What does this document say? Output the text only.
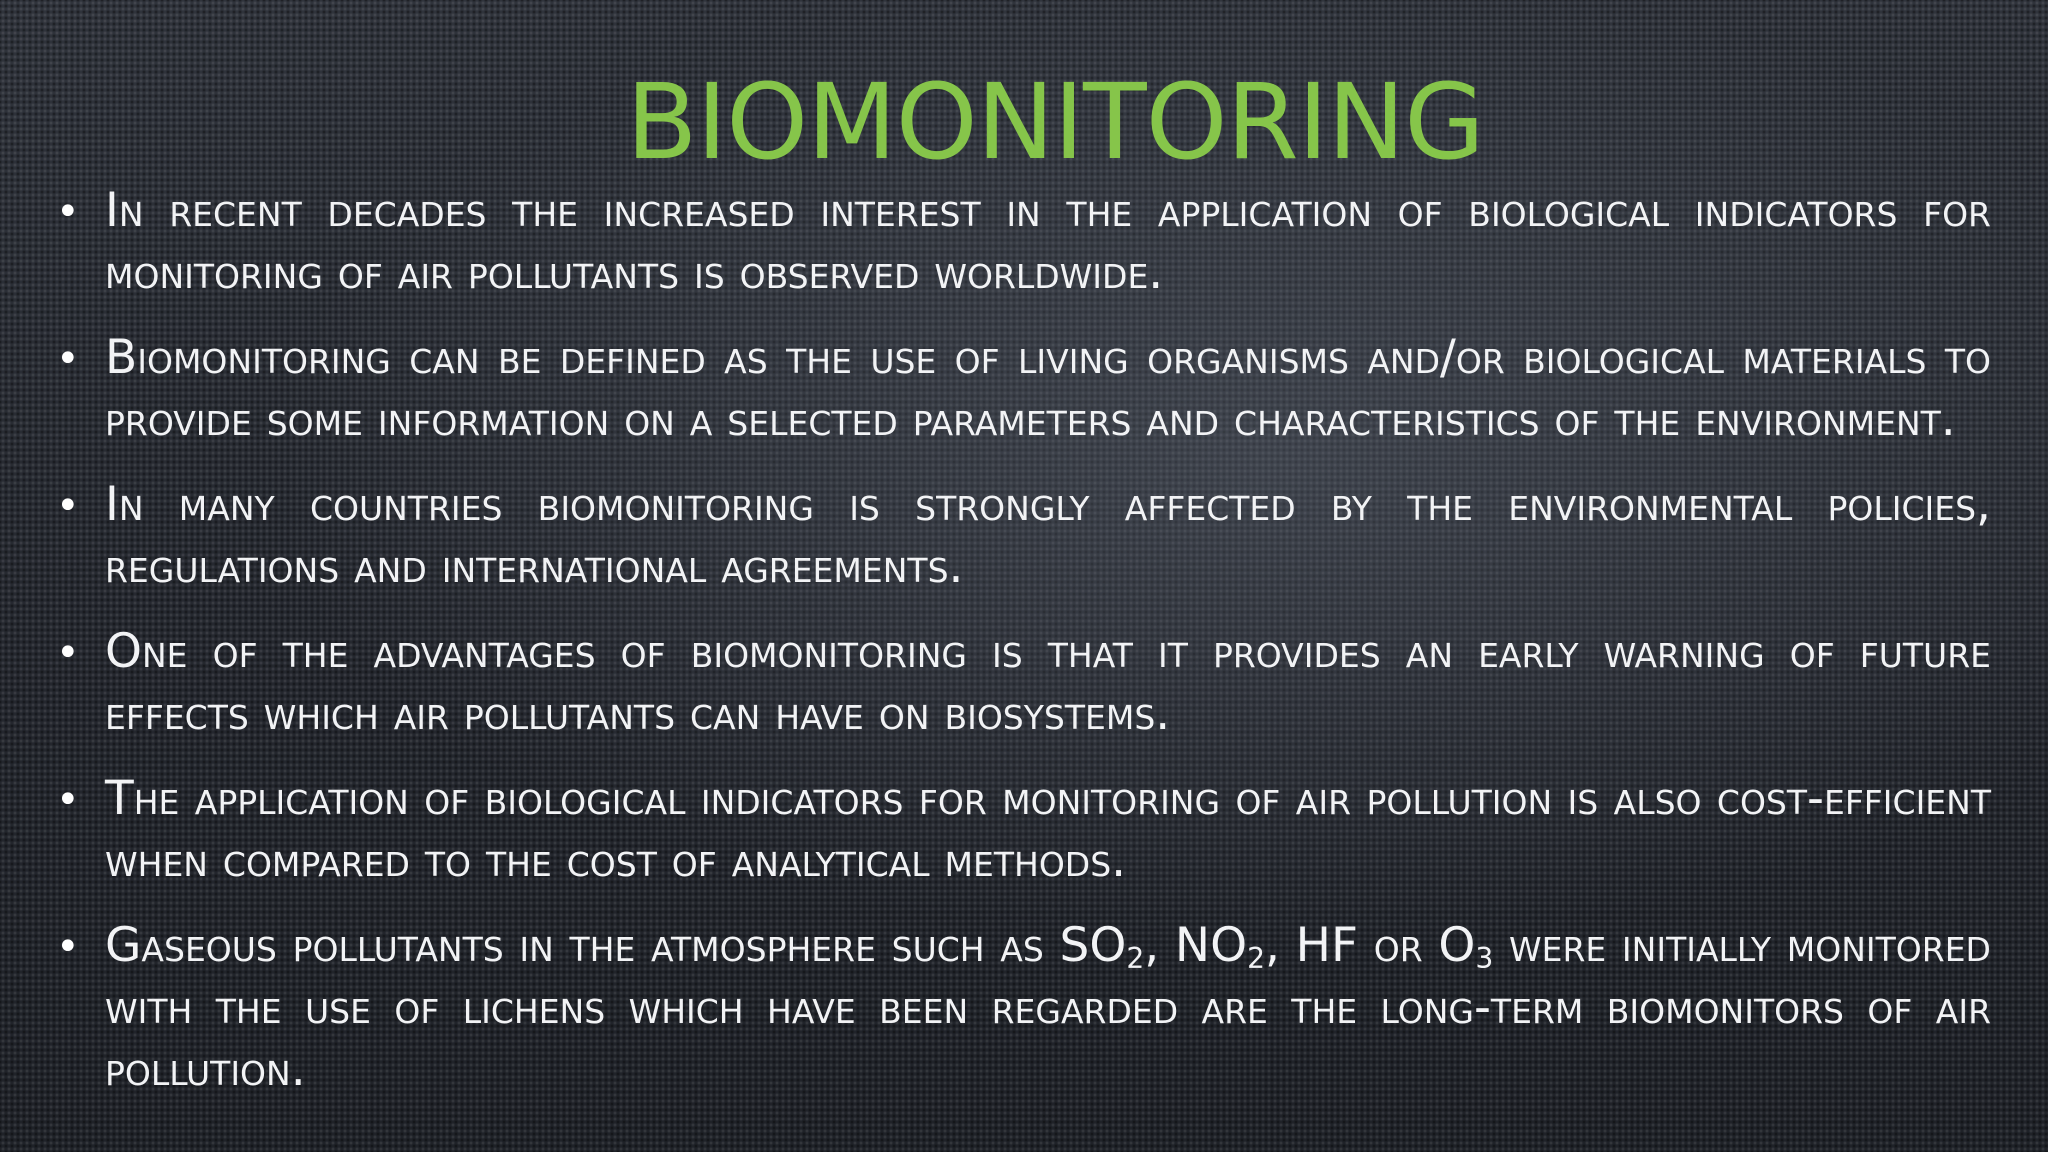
BIOMONITORING
• In recent decades the increased interest in the application of biological indicators for monitoring of air pollutants is observed worldwide.
• Biomonitoring can be defined as the use of living organisms and/or biological materials to provide some information on a selected parameters and characteristics of the environment.
• In many countries biomonitoring is strongly affected by the environmental policies, regulations and international agreements.
• One of the advantages of biomonitoring is that it provides an early warning of future effects which air pollutants can have on biosystems.
• The application of biological indicators for monitoring of air pollution is also cost-efficient when compared to the cost of analytical methods.
• Gaseous pollutants in the atmosphere such as $SO_2$, $NO_2$, HF or $O_3$ were initially monitored with the use of lichens which have been regarded are the long-term biomonitors of air pollution.
